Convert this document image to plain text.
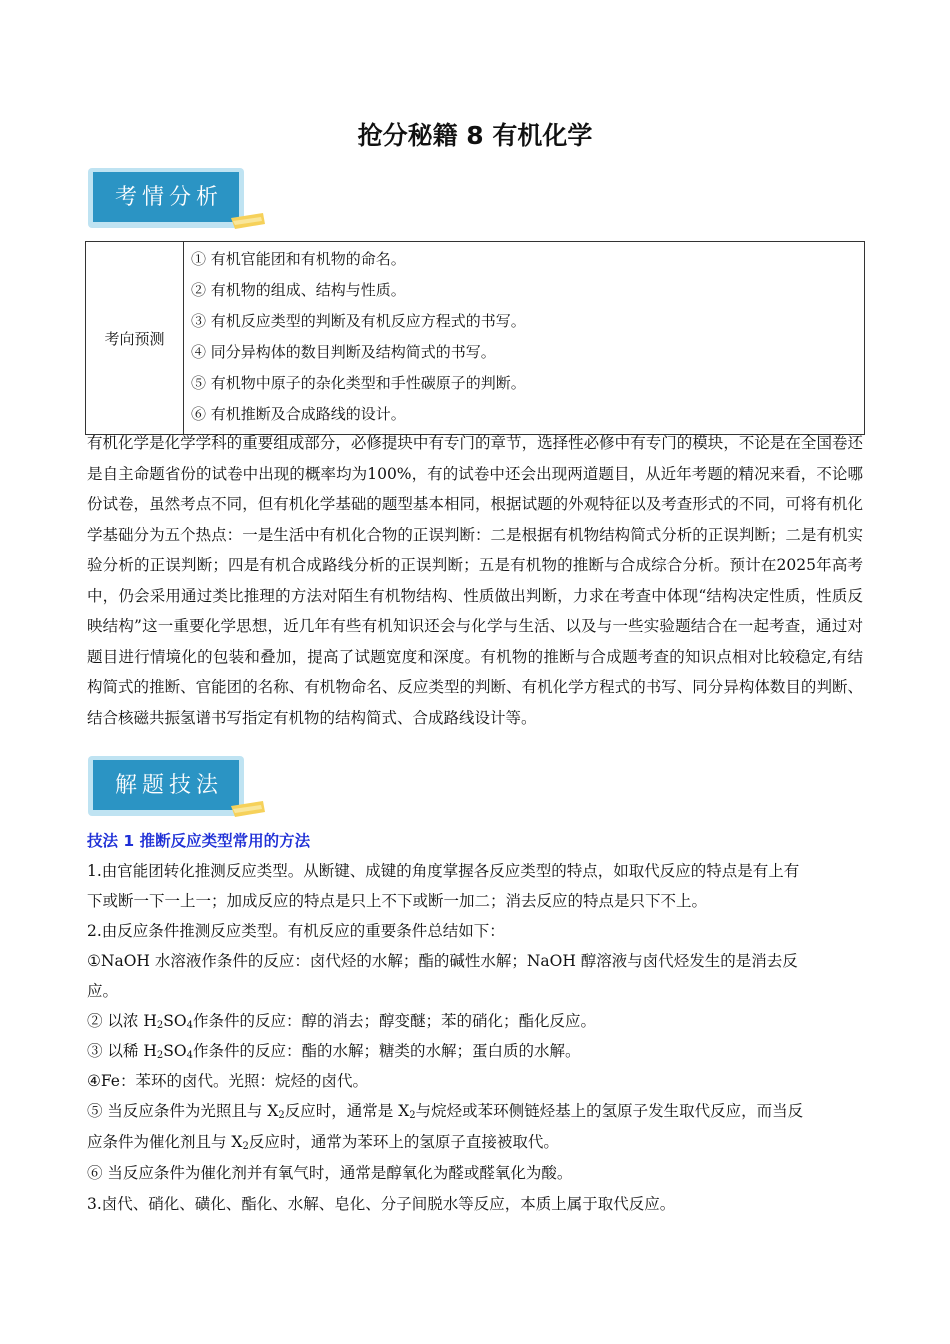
抢分秘籍 8 有机化学
考情分析
考向预测	
① 有机官能团和有机物的命名。
② 有机物的组成、结构与性质。
③ 有机反应类型的判断及有机反应方程式的书写。
④ 同分异构体的数目判断及结构简式的书写。
⑤ 有机物中原子的杂化类型和手性碳原子的判断。
⑥ 有机推断及合成路线的设计。
有机化学是化学学科的重要组成部分，必修提块中有专门的章节，选择性必修中有专门的模块，不论是在全国卷还是自主命题省份的试卷中出现的概率均为100%，有的试卷中还会出现两道题目，从近年考题的精况来看，不论哪份试卷，虽然考点不同，但有机化学基础的题型基本相同，根据试题的外观特征以及考查形式的不同，可将有机化学基础分为五个热点：一是生活中有机化合物的正误判断：二是根据有机物结构简式分析的正误判断；二是有机实验分析的正误判断；四是有机合成路线分析的正误判断；五是有机物的推断与合成综合分析。预计在2025年高考中，仍会采用通过类比推理的方法对陌生有机物结构、性质做出判断，力求在考查中体现“结构决定性质，性质反映结构”这一重要化学思想，近几年有些有机知识还会与化学与生活、以及与一些实验题结合在一起考查，通过对题目进行情境化的包装和叠加，提高了试题宽度和深度。有机物的推断与合成题考查的知识点相对比较稳定,有结构简式的推断、官能团的名称、有机物命名、反应类型的判断、有机化学方程式的书写、同分异构体数目的判断、结合核磁共振氢谱书写指定有机物的结构简式、合成路线设计等。
解题技法
技法 1 推断反应类型常用的方法
1.由官能团转化推测反应类型。从断键、成键的角度掌握各反应类型的特点，如取代反应的特点是有上有
下或断一下一上一；加成反应的特点是只上不下或断一加二；消去反应的特点是只下不上。
2.由反应条件推测反应类型。有机反应的重要条件总结如下：
①NaOH 水溶液作条件的反应：卤代烃的水解；酯的碱性水解；NaOH 醇溶液与卤代烃发生的是消去反
应。
② 以浓 $H_2SO_4$作条件的反应：醇的消去；醇变醚；苯的硝化；酯化反应。
③ 以稀 $H_2SO_4$作条件的反应：酯的水解；糖类的水解；蛋白质的水解。
④Fe：苯环的卤代。光照：烷烃的卤代。
⑤ 当反应条件为光照且与 $X_2$反应时，通常是 $X_2$与烷烃或苯环侧链烃基上的氢原子发生取代反应，而当反
应条件为催化剂且与 $X_2$反应时，通常为苯环上的氢原子直接被取代。
⑥ 当反应条件为催化剂并有氧气时，通常是醇氧化为醛或醛氧化为酸。
3.卤代、硝化、磺化、酯化、水解、皂化、分子间脱水等反应，本质上属于取代反应。
